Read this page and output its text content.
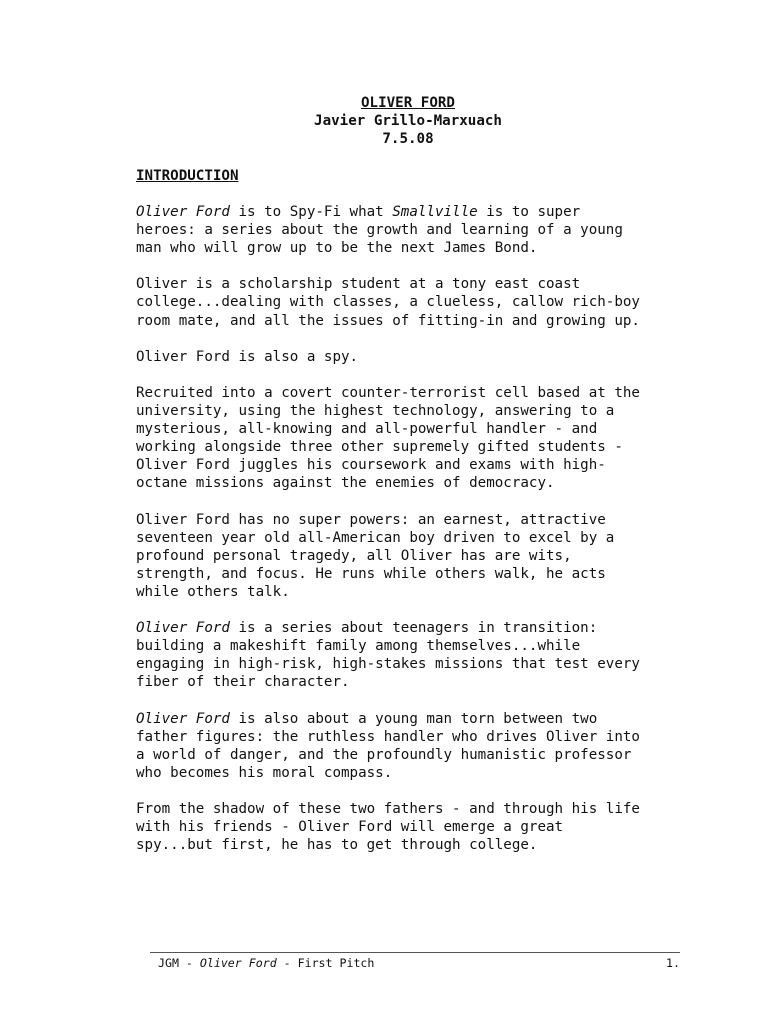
OLIVER FORD
Javier Grillo-Marxuach
7.5.08
INTRODUCTION
Oliver Ford is to Spy-Fi what Smallville is to super
heroes: a series about the growth and learning of a young
man who will grow up to be the next James Bond.
Oliver is a scholarship student at a tony east coast
college...dealing with classes, a clueless, callow rich-boy
room mate, and all the issues of fitting-in and growing up.
Oliver Ford is also a spy.
Recruited into a covert counter-terrorist cell based at the
university, using the highest technology, answering to a
mysterious, all-knowing and all-powerful handler - and
working alongside three other supremely gifted students -
Oliver Ford juggles his coursework and exams with high-
octane missions against the enemies of democracy.
Oliver Ford has no super powers: an earnest, attractive
seventeen year old all-American boy driven to excel by a
profound personal tragedy, all Oliver has are wits,
strength, and focus. He runs while others walk, he acts
while others talk.
Oliver Ford is a series about teenagers in transition:
building a makeshift family among themselves...while
engaging in high-risk, high-stakes missions that test every
fiber of their character.
Oliver Ford is also about a young man torn between two
father figures: the ruthless handler who drives Oliver into
a world of danger, and the profoundly humanistic professor
who becomes his moral compass.
From the shadow of these two fathers - and through his life
with his friends - Oliver Ford will emerge a great
spy...but first, he has to get through college.
JGM - Oliver Ford - First Pitch	1.
